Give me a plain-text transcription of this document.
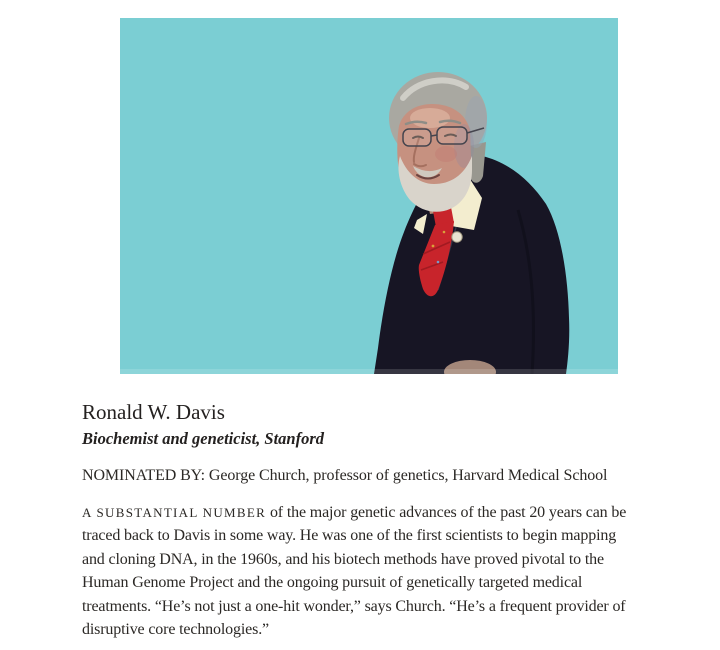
Ronald W. Davis
Biochemist and geneticist, Stanford
NOMINATED BY: George Church, professor of genetics, Harvard Medical School
A SUBSTANTIAL NUMBER of the major genetic advances of the past 20 years can be
traced back to Davis in some way. He was one of the first scientists to begin mapping
and cloning DNA, in the 1960s, and his biotech methods have proved pivotal to the
Human Genome Project and the ongoing pursuit of genetically targeted medical
treatments. “He’s not just a one-hit wonder,” says Church. “He’s a frequent provider of
disruptive core technologies.”
